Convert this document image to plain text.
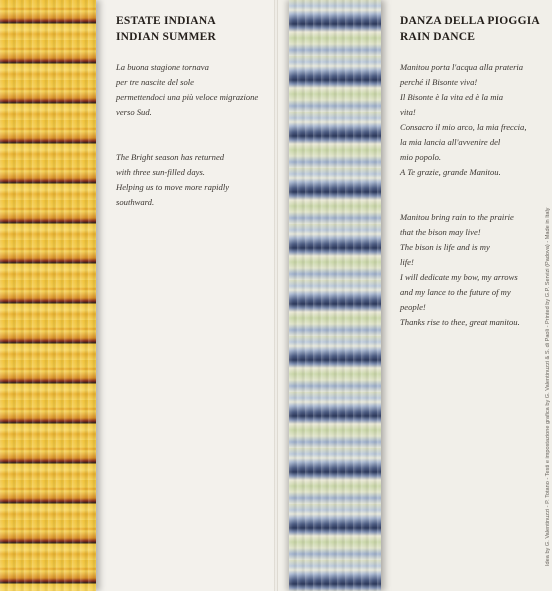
ESTATE INDIANA
INDIAN SUMMER
La buona stagione tornava
per tre nascite del sole
permettendoci una più veloce migrazione
verso Sud.
The Bright season has returned
with three sun-filled days.
Helping us to move more rapidly
southward.
DANZA DELLA PIOGGIA
RAIN DANCE
Manitou porta l'acqua alla prateria
perché il Bisonte viva!
Il Bisonte è la vita ed è la mia
vita!
Consacro il mio arco, la mia freccia,
la mia lancia all'avvenire del
mio popolo.
A Te grazie, grande Manitou.
Manitou bring rain to the prairie
that the bison may live!
The bison is life and is my
life!
I will dedicate my bow, my arrows
and my lance to the future of my
people!
Thanks rise to thee, great manitou.	Idea by G. Valentinuzzi - P. Totano - Testi e impostazione grafica by G. Valentinuzzi & S. di Paoli - Printed by G.P. Servizi (Padova) - Made in Italy
